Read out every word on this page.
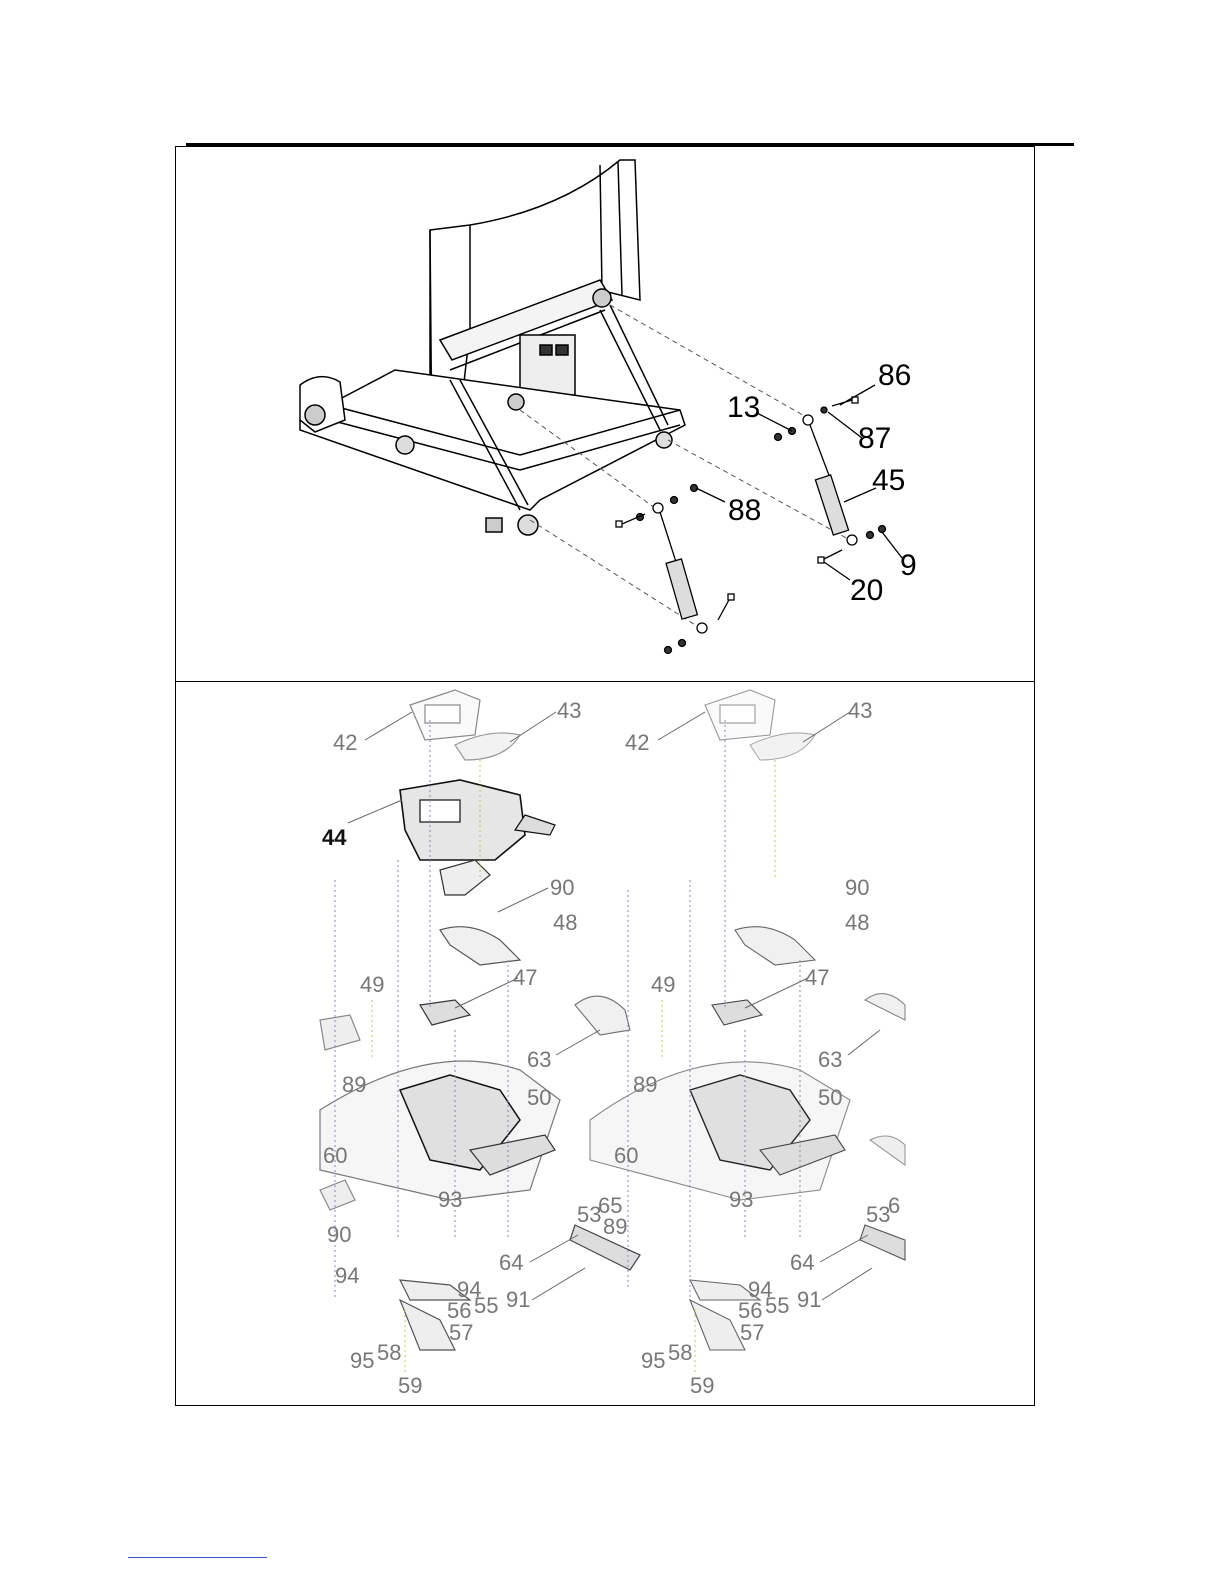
86
13
87
45
88
9
20
42
43
44
90
48
47
49
63
89
50
60
93	65
89
90
53
64
94
94
56 55 91
57
95 58
59
42
43
90
48
47
49
63
89
50
60
93
53
6
64
94
56 55 91
57
95 58
59
